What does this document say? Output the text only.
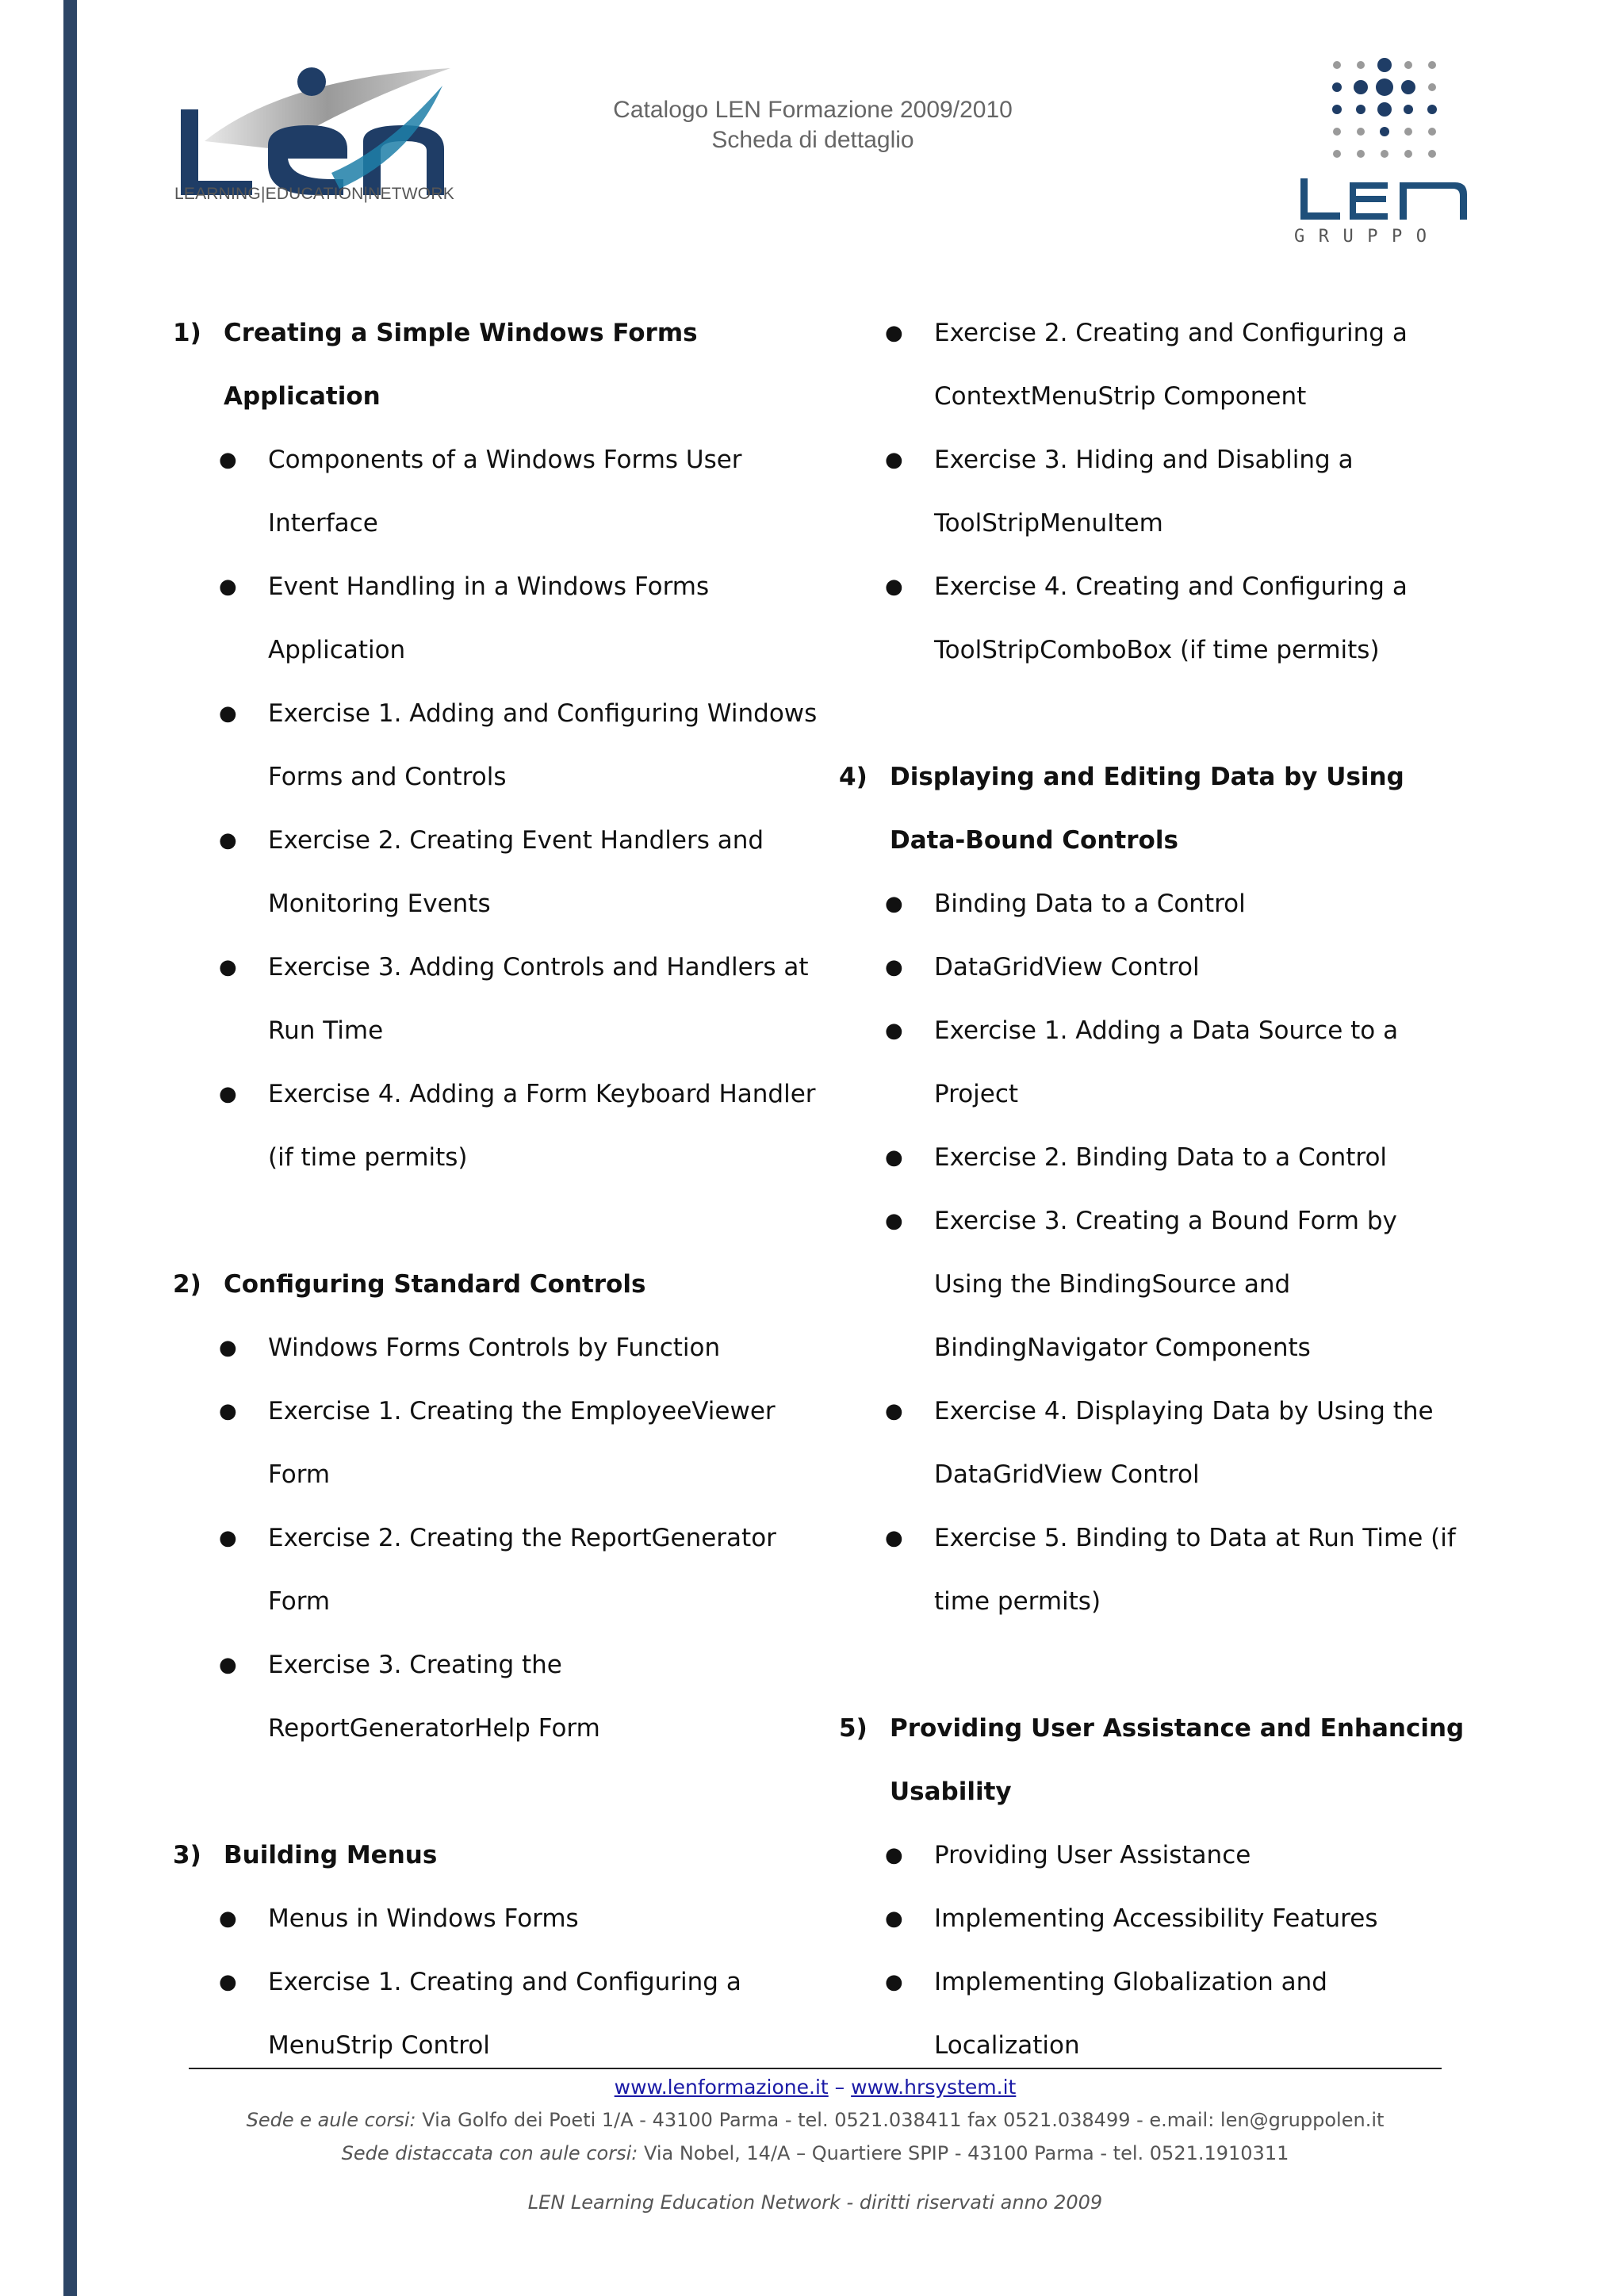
LEARNING|EDUCATION|NETWORK
Catalogo LEN Formazione 2009/2010
Scheda di dettaglio
GRUPPO
1) Creating a Simple Windows Forms Application
●	Components of a Windows Forms User Interface
●	Event Handling in a Windows Forms Application
●	Exercise 1. Adding and Configuring Windows Forms and Controls
●	Exercise 2. Creating Event Handlers and Monitoring Events
●	Exercise 3. Adding Controls and Handlers at Run Time
●	Exercise 4. Adding a Form Keyboard Handler (if time permits)
2) Configuring Standard Controls
●	Windows Forms Controls by Function
●	Exercise 1. Creating the EmployeeViewer Form
●	Exercise 2. Creating the ReportGenerator Form
●	Exercise 3. Creating the ReportGeneratorHelp Form
3) Building Menus
●	Menus in Windows Forms
●	Exercise 1. Creating and Configuring a MenuStrip Control
●	Exercise 2. Creating and Configuring a ContextMenuStrip Component
●	Exercise 3. Hiding and Disabling a ToolStripMenuItem
●	Exercise 4. Creating and Configuring a ToolStripComboBox (if time permits)
4) Displaying and Editing Data by Using Data-Bound Controls
●	Binding Data to a Control
●	DataGridView Control
●	Exercise 1. Adding a Data Source to a Project
●	Exercise 2. Binding Data to a Control
●	Exercise 3. Creating a Bound Form by Using the BindingSource and BindingNavigator Components
●	Exercise 4. Displaying Data by Using the DataGridView Control
●	Exercise 5. Binding to Data at Run Time (if time permits)
5) Providing User Assistance and Enhancing Usability
●	Providing User Assistance
●	Implementing Accessibility Features
●	Implementing Globalization and Localization
www.lenformazione.it – www.hrsystem.it
Sede e aule corsi: Via Golfo dei Poeti 1/A - 43100 Parma - tel. 0521.038411 fax 0521.038499 - e.mail: len@gruppolen.it
Sede distaccata con aule corsi: Via Nobel, 14/A – Quartiere SPIP - 43100 Parma - tel. 0521.1910311
LEN Learning Education Network - diritti riservati anno 2009
